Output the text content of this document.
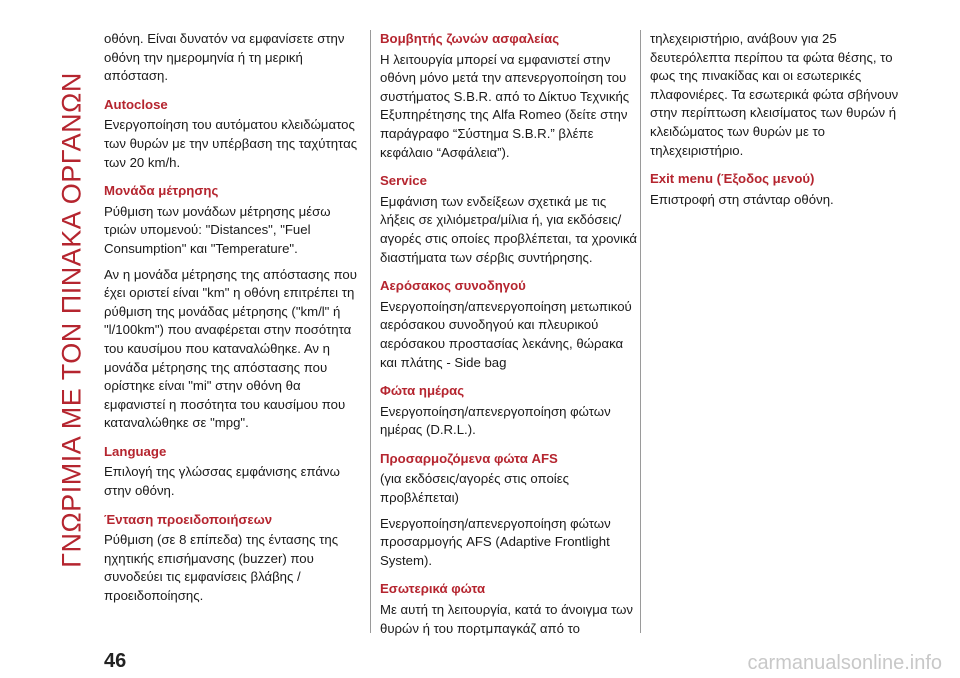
ΓΝΩΡΙΜΙΑ ΜΕ ΤΟΝ ΠΙΝΑΚΑ ΟΡΓΑΝΩΝ
οθόνη. Είναι δυνατόν να εμφανίσετε στην οθόνη την ημερομηνία ή τη μερική απόσταση.
Autoclose
Ενεργοποίηση του αυτόματου κλειδώματος των θυρών με την υπέρβαση της ταχύτητας των 20 km/h.
Μονάδα μέτρησης
Ρύθμιση των μονάδων μέτρησης μέσω τριών υπομενού: "Distances", "Fuel Consumption" και "Temperature".
Αν η μονάδα μέτρησης της απόστασης που έχει οριστεί είναι "km" η οθόνη επιτρέπει τη ρύθμιση της μονάδας μέτρησης ("km/l" ή "l/100km") που αναφέρεται στην ποσότητα του καυσίμου που καταναλώθηκε. Αν η μονάδα μέτρησης της απόστασης που ορίστηκε είναι "mi" στην οθόνη θα εμφανιστεί η ποσότητα του καυσίμου που καταναλώθηκε σε "mpg".
Language
Επιλογή της γλώσσας εμφάνισης επάνω στην οθόνη.
Ένταση προειδοποιήσεων
Ρύθμιση (σε 8 επίπεδα) της έντασης της ηχητικής επισήμανσης (buzzer) που συνοδεύει τις εμφανίσεις βλάβης / προειδοποίησης.
Βομβητής ζωνών ασφαλείας
Η λειτουργία μπορεί να εμφανιστεί στην οθόνη μόνο μετά την απενεργοποίηση του συστήματος S.B.R. από το Δίκτυο Τεχνικής Εξυπηρέτησης της Alfa Romeo (δείτε στην παράγραφο “Σύστημα S.B.R.” βλέπε κεφάλαιο “Ασφάλεια”).
Service
Εμφάνιση των ενδείξεων σχετικά με τις λήξεις σε χιλιόμετρα/μίλια ή, για εκδόσεις/αγορές στις οποίες προβλέπεται, τα χρονικά διαστήματα των σέρβις συντήρησης.
Αερόσακος συνοδηγού
Ενεργοποίηση/απενεργοποίηση μετωπικού αερόσακου συνοδηγού και πλευρικού αερόσακου προστασίας λεκάνης, θώρακα και πλάτης - Side bag
Φώτα ημέρας
Ενεργοποίηση/απενεργοποίηση φώτων ημέρας (D.R.L.).
Προσαρμοζόμενα φώτα AFS
(για εκδόσεις/αγορές στις οποίες προβλέπεται)
Ενεργοποίηση/απενεργοποίηση φώτων προσαρμογής AFS (Adaptive Frontlight System).
Εσωτερικά φώτα
Με αυτή τη λειτουργία, κατά το άνοιγμα των θυρών ή του πορτμπαγκάζ από το
τηλεχειριστήριο, ανάβουν για 25 δευτερόλεπτα περίπου τα φώτα θέσης, το φως της πινακίδας και οι εσωτερικές πλαφονιέρες. Τα εσωτερικά φώτα σβήνουν στην περίπτωση κλεισίματος των θυρών ή κλειδώματος των θυρών με το τηλεχειριστήριο.
Exit menu (Έξοδος μενού)
Επιστροφή στη στάνταρ οθόνη.
46	carmanualsonline.info
